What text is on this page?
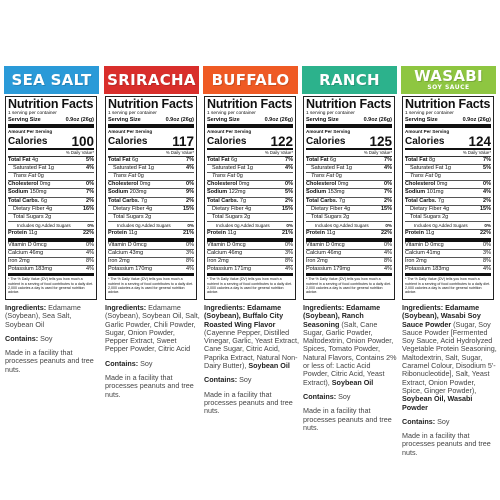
SEA SALT
Nutrition Facts
1 serving per container
Serving Size	0.9oz (26g)
Amount Per Serving
Calories 100
% Daily Value*
Total Fat 4g	5%
Saturated Fat 1g	4%
Trans Fat 0g
Cholesterol 0mg	0%
Sodium 150mg	7%
Total Carbs. 6g	2%
Dietary Fiber 4g	16%
Total Sugars 2g
Includes 0g Added Sugars	0%
Protein 11g	22%
Vitamin D 0mcg	0%
Calcium 46mg	4%
Iron 2mg	8%
Potassium 183mg	4%
* The % Daily Value (DV) tells you how much a nutrient in a serving of food contributes to a daily diet. 2,000 calories a day is used for general nutrition advice.

Ingredients: Edamame (Soybean), Sea Salt, Soybean Oil

Contains: Soy

Made in a facility that processes peanuts and tree nuts.

SRIRACHA
Nutrition Facts
1 serving per container
Serving Size	0.9oz (26g)
Amount Per Serving
Calories 117
% Daily Value*
Total Fat 6g	7%
Saturated Fat 1g	4%
Trans Fat 0g
Cholesterol 0mg	0%
Sodium 203mg	9%
Total Carbs. 7g	2%
Dietary Fiber 4g	15%
Total Sugars 2g
Includes 0g Added Sugars	0%
Protein 11g	21%
Vitamin D 0mcg	0%
Calcium 43mg	3%
Iron 2mg	8%
Potassium 170mg	4%
* The % Daily Value (DV) tells you how much a nutrient in a serving of food contributes to a daily diet. 2,000 calories a day is used for general nutrition advice.

Ingredients: Edamame (Soybean), Soybean Oil, Salt, Garlic Powder, Chili Powder, Sugar, Onion Powder, Pepper Extract, Sweet Pepper Powder, Citric Acid

Contains: Soy

Made in a facility that processes peanuts and tree nuts.

BUFFALO
Nutrition Facts
1 serving per container
Serving Size	0.9oz (26g)
Amount Per Serving
Calories 122
% Daily Value*
Total Fat 6g	7%
Saturated Fat 1g	4%
Trans Fat 0g
Cholesterol 0mg	0%
Sodium 122mg	5%
Total Carbs. 7g	2%
Dietary Fiber 4g	15%
Total Sugars 2g
Includes 0g Added Sugars	0%
Protein 11g	21%
Vitamin D 0mcg	0%
Calcium 46mg	3%
Iron 2mg	8%
Potassium 171mg	4%
* The % Daily Value (DV) tells you how much a nutrient in a serving of food contributes to a daily diet. 2,000 calories a day is used for general nutrition advice.

Ingredients: Edamame (Soybean), Buffalo City Roasted Wing Flavor (Cayenne Pepper, Distilled Vinegar, Garlic, Yeast Extract, Cane Sugar, Citric Acid, Paprika Extract, Natural Non-Dairy Butter), Soybean Oil

Contains: Soy

Made in a facility that processes peanuts and tree nuts.

RANCH
Nutrition Facts
1 serving per container
Serving Size	0.9oz (26g)
Amount Per Serving
Calories 125
% Daily Value*
Total Fat 6g	7%
Saturated Fat 1g	4%
Trans Fat 0g
Cholesterol 0mg	0%
Sodium 153mg	7%
Total Carbs. 7g	2%
Dietary Fiber 4g	15%
Total Sugars 2g
Includes 0g Added Sugars	0%
Protein 11g	22%
Vitamin D 0mcg	0%
Calcium 46mg	4%
Iron 2mg	8%
Potassium 179mg	4%
* The % Daily Value (DV) tells you how much a nutrient in a serving of food contributes to a daily diet. 2,000 calories a day is used for general nutrition advice.

Ingredients: Edamame (Soybean), Ranch Seasoning (Salt, Cane Sugar, Garlic Powder, Maltodextrin, Onion Powder, Spices, Tomato Powder, Natural Flavors, Contains 2% or less of: Lactic Acid Powder, Citric Acid, Yeast Extract), Soybean Oil

Contains: Soy

Made in a facility that processes peanuts and tree nuts.

WASABI
SOY SAUCE
Nutrition Facts
1 serving per container
Serving Size	0.9oz (26g)
Amount Per Serving
Calories 124
% Daily Value*
Total Fat 8g	7%
Saturated Fat 1g	5%
Trans Fat 0g
Cholesterol 0mg	0%
Sodium 101mg	4%
Total Carbs. 7g	2%
Dietary Fiber 4g	15%
Total Sugars 2g
Includes 0g Added Sugars	0%
Protein 11g	22%
Vitamin D 0mcg	0%
Calcium 41mg	3%
Iron 2mg	8%
Potassium 183mg	4%
* The % Daily Value (DV) tells you how much a nutrient in a serving of food contributes to a daily diet. 2,000 calories a day is used for general nutrition advice.

Ingredients: Edamame (Soybean), Wasabi Soy Sauce Powder (Sugar, Soy Sauce Powder [Fermented Soy Sauce, Acid Hydrolyzed Vegetable Protein Seasoning, Maltodextrin, Salt, Sugar, Caramel Colour, Disodium 5'-Ribonucleotide], Salt, Yeast Extract, Onion Powder, Spice, Ginger Powder), Soybean Oil, Wasabi Powder

Contains: Soy

Made in a facility that processes peanuts and tree nuts.
